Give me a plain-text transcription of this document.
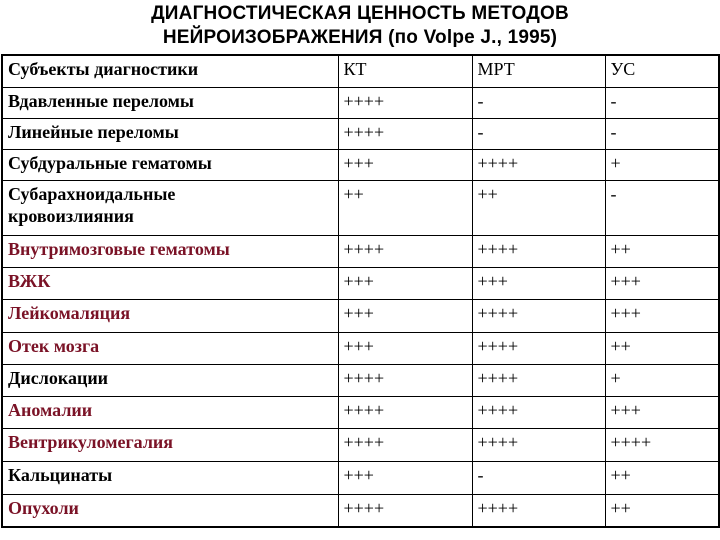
ДИАГНОСТИЧЕСКАЯ ЦЕННОСТЬ МЕТОДОВ
НЕЙРОИЗОБРАЖЕНИЯ (по Volpe J., 1995)
Субъекты диагностики	КТ	МРТ	УС
Вдавленные переломы	++++	-	-
Линейные переломы	++++	-	-
Субдуральные гематомы	+++	++++	+
Субарахноидальные
кровоизлияния	++	++	-
Внутримозговые гематомы	++++	++++	++
ВЖК	+++	+++	+++
Лейкомаляция	+++	++++	+++
Отек мозга	+++	++++	++
Дислокации	++++	++++	+
Аномалии	++++	++++	+++
Вентрикуломегалия	++++	++++	++++
Кальцинаты	+++	-	++
Опухоли	++++	++++	++
